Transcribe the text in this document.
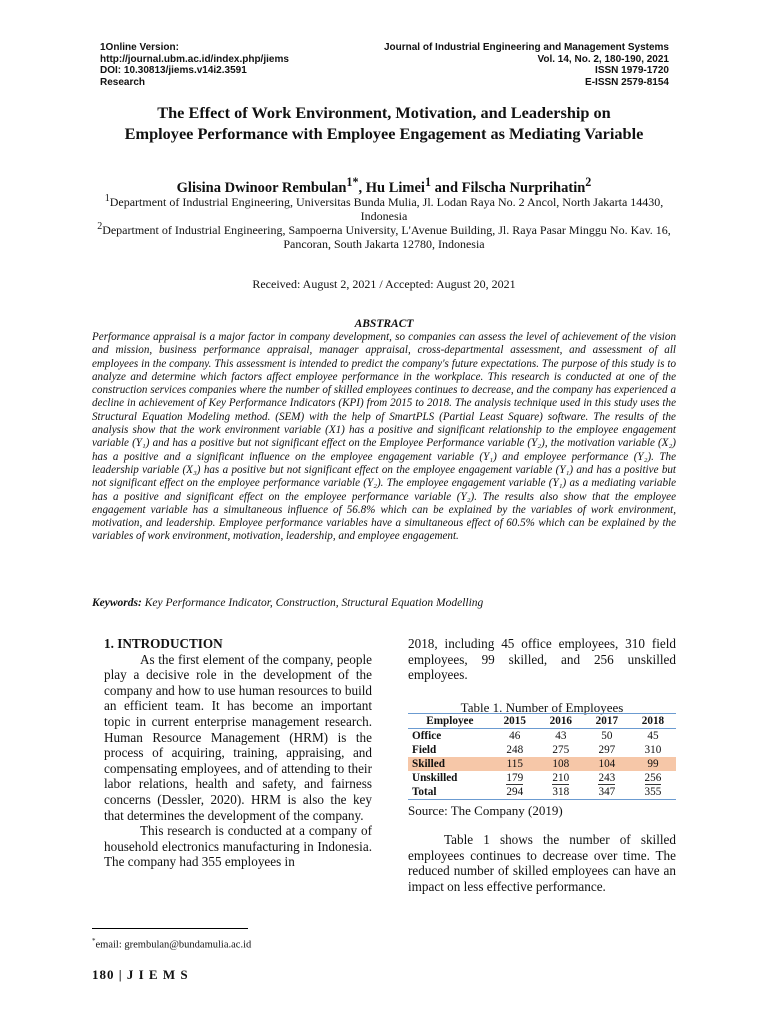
1Online Version:
http://journal.ubm.ac.id/index.php/jiems
DOI: 10.30813/jiems.v14i2.3591
Research
Journal of Industrial Engineering and Management Systems
Vol. 14, No. 2, 180-190, 2021
ISSN 1979-1720
E-ISSN 2579-8154
The Effect of Work Environment, Motivation, and Leadership on
Employee Performance with Employee Engagement as Mediating Variable
Glisina Dwinoor Rembulan$^{1*}$, Hu Limei$^1$ and Filscha Nurprihatin$^2$
$^1$Department of Industrial Engineering, Universitas Bunda Mulia, Jl. Lodan Raya No. 2 Ancol, North Jakarta 14430, Indonesia
$^2$Department of Industrial Engineering, Sampoerna University, L'Avenue Building, Jl. Raya Pasar Minggu No. Kav. 16, Pancoran, South Jakarta 12780, Indonesia
Received: August 2, 2021 / Accepted: August 20, 2021
ABSTRACT
Performance appraisal is a major factor in company development, so companies can assess the level of achievement of the vision and mission, business performance appraisal, manager appraisal, cross-departmental assessment, and assessment of all employees in the company. This assessment is intended to predict the company's future expectations. The purpose of this study is to analyze and determine which factors affect employee performance in the workplace. This research is conducted at one of the construction services companies where the number of skilled employees continues to decrease, and the company has experienced a decline in achievement of Key Performance Indicators (KPI) from 2015 to 2018. The analysis technique used in this study uses the Structural Equation Modeling method. (SEM) with the help of SmartPLS (Partial Least Square) software. The results of the analysis show that the work environment variable (X1) has a positive and significant relationship to the employee engagement variable (Y₁) and has a positive but not significant effect on the Employee Performance variable (Y₂), the motivation variable (X₂) has a positive and a significant influence on the employee engagement variable (Y₁) and employee performance (Y₂). The leadership variable (X₃) has a positive but not significant effect on the employee engagement variable (Y₁) and has a positive but not significant effect on the employee performance variable (Y₂). The employee engagement variable (Y₁) as a mediating variable has a positive and significant effect on the employee performance variable (Y₂). The results also show that the employee engagement variable has a simultaneous influence of 56.8% which can be explained by the variables of work environment, motivation, and leadership. Employee performance variables have a simultaneous effect of 60.5% which can be explained by the variables of work environment, motivation, leadership, and employee engagement.
Keywords: Key Performance Indicator, Construction, Structural Equation Modelling
1. INTRODUCTION

As the first element of the company, people play a decisive role in the development of the company and how to use human resources to build an efficient team. It has become an important topic in current enterprise management research. Human Resource Management (HRM) is the process of acquiring, training, appraising, and compensating employees, and of attending to their labor relations, health and safety, and fairness concerns (Dessler, 2020). HRM is also the key that determines the development of the company.

This research is conducted at a company of household electronics manufacturing in Indonesia. The company had 355 employees in

2018, including 45 office employees, 310 field employees, 99 skilled, and 256 unskilled employees.

Table 1. Number of Employees
Employee	2015	2016	2017	2018
Office	46	43	50	45
Field	248	275	297	310
Skilled	115	108	104	99
Unskilled	179	210	243	256
Total	294	318	347	355
Source: The Company (2019)

Table 1 shows the number of skilled employees continues to decrease over time. The reduced number of skilled employees can have an impact on less effective performance.

*email: grembulan@bundamulia.ac.id
180 | J I E M S
